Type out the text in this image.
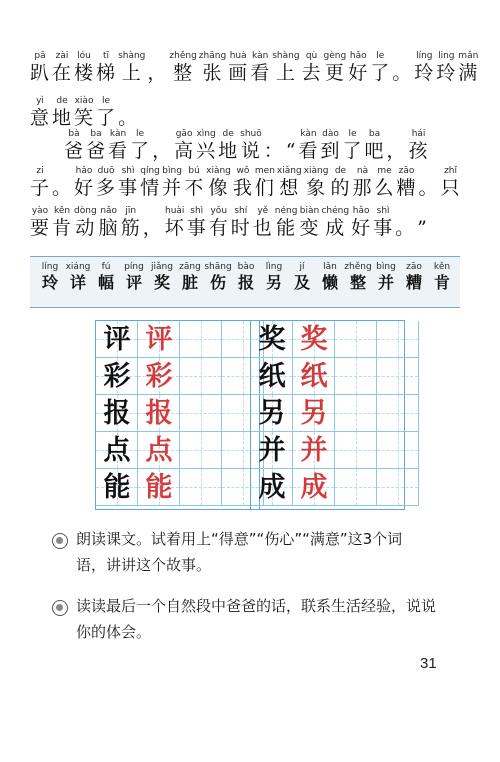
pā
趴
zài
在
lóu
楼
tī
梯
shàng
上 ，
zhěng
整
zhāng
张
huà
画
kàn
看
shàng
上
qù
去
gèng
更
hǎo
好
le
了 。
líng
玲
ling
玲
mǎn
满
yì
意
de
地
xiào
笑
le
了 。
bà
爸
ba
爸
kàn
看
le
了 ，
gāo
高
xìng
兴
de
地
shuō
说 ： “
kàn
看
dào
到
le
了
ba
吧 ，
hái
孩
zi
子 。
hǎo
好
duō
多
shì
事
qíng
情
bìng
并
bú
不
xiàng
像
wǒ
我
men
们
xiǎng
想
xiàng
象
de
的
nà
那
me
么
zāo
糟 。
zhǐ
只
yào
要
kěn
肯
dòng
动
nǎo
脑
jīn
筋 ，
huài
坏
shì
事
yǒu
有
shí
时
yě
也
néng
能
biàn
变
chéng
成
hǎo
好
shì
事 。 ”
líng
玲
xiáng
详
fú
幅
píng
评
jiǎng
奖
zāng
脏
shāng
伤
bào
报
lìng
另
jí
及
lǎn
懒
zhěng
整
bìng
并
zāo
糟
kěn
肯
评 评
彩 彩
报 报
点 点
能 能
奖 奖
纸 纸
另 另
并 并
成 成
朗读课文。试着用上“得意”“伤心”“满意”这3个词
语，讲讲这个故事。
读读最后一个自然段中爸爸的话，联系生活经验，说说
你的体会。
31
